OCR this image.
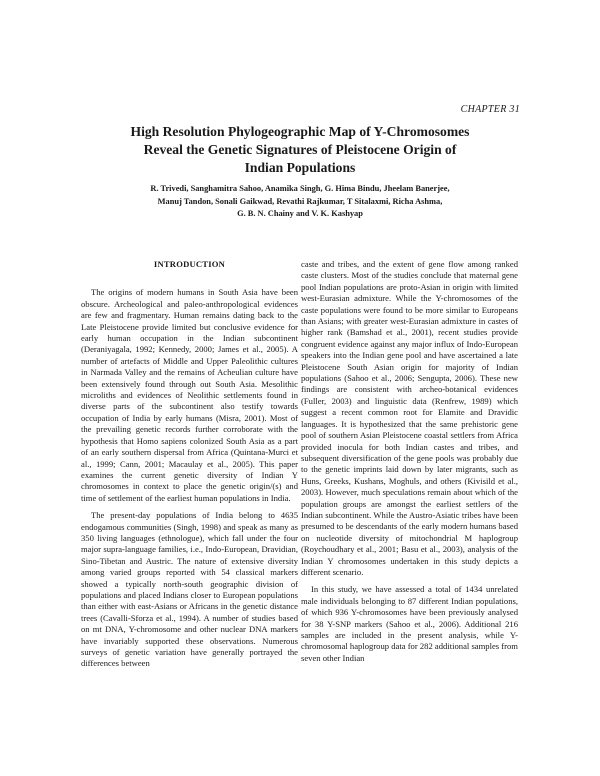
CHAPTER 31
High Resolution Phylogeographic Map of Y-Chromosomes
Reveal the Genetic Signatures of Pleistocene Origin of
Indian Populations
R. Trivedi, Sanghamitra Sahoo, Anamika Singh, G. Hima Bindu, Jheelam Banerjee,
Manuj Tandon, Sonali Gaikwad, Revathi Rajkumar, T Sitalaxmi, Richa Ashma,
G. B. N. Chainy and V. K. Kashyap
INTRODUCTION

The origins of modern humans in South Asia have been obscure. Archeological and paleo-anthropological evidences are few and fragmentary. Human remains dating back to the Late Pleistocene provide limited but conclusive evidence for early human occupation in the Indian subcontinent (Deraniyagala, 1992; Kennedy, 2000; James et al., 2005). A number of artefacts of Middle and Upper Paleolithic cultures in Narmada Valley and the remains of Acheulian culture have been extensively found through out South Asia. Mesolithic microliths and evidences of Neolithic settlements found in diverse parts of the subcontinent also testify towards occupation of India by early humans (Misra, 2001). Most of the prevailing genetic records further corroborate with the hypothesis that Homo sapiens colonized South Asia as a part of an early southern dispersal from Africa (Quintana-Murci et al., 1999; Cann, 2001; Macaulay et al., 2005). This paper examines the current genetic diversity of Indian Y chromosomes in context to place the genetic origin/(s) and time of settlement of the earliest human populations in India.

The present-day populations of India belong to 4635 endogamous communities (Singh, 1998) and speak as many as 350 living languages (ethnologue), which fall under the four major supra-language families, i.e., Indo-European, Dravidian, Sino-Tibetan and Austric. The nature of extensive diversity among varied groups reported with 54 classical markers showed a typically north-south geographic division of populations and placed Indians closer to European populations than either with east-Asians or Africans in the genetic distance trees (Cavalli-Sforza et al., 1994). A number of studies based on mt DNA, Y-chromosome and other nuclear DNA markers have invariably supported these observations. Numerous surveys of genetic variation have generally portrayed the differences between

caste and tribes, and the extent of gene flow among ranked caste clusters. Most of the studies conclude that maternal gene pool Indian populations are proto-Asian in origin with limited west-Eurasian admixture. While the Y-chromosomes of the caste populations were found to be more similar to Europeans than Asians; with greater west-Eurasian admixture in castes of higher rank (Bamshad et al., 2001), recent studies provide congruent evidence against any major influx of Indo-European speakers into the Indian gene pool and have ascertained a late Pleistocene South Asian origin for majority of Indian populations (Sahoo et al., 2006; Sengupta, 2006). These new findings are consistent with archeo-botanical evidences (Fuller, 2003) and linguistic data (Renfrew, 1989) which suggest a recent common root for Elamite and Dravidic languages. It is hypothesized that the same prehistoric gene pool of southern Asian Pleistocene coastal settlers from Africa provided inocula for both Indian castes and tribes, and subsequent diversification of the gene pools was probably due to the genetic imprints laid down by later migrants, such as Huns, Greeks, Kushans, Moghuls, and others (Kivisild et al., 2003). However, much speculations remain about which of the population groups are amongst the earliest settlers of the Indian subcontinent. While the Austro-Asiatic tribes have been presumed to be descendants of the early modern humans based on nucleotide diversity of mitochondrial M haplogroup (Roychoudhary et al., 2001; Basu et al., 2003), analysis of the Indian Y chromosomes undertaken in this study depicts a different scenario.

In this study, we have assessed a total of 1434 unrelated male individuals belonging to 87 different Indian populations, of which 936 Y-chromosomes have been previously analysed for 38 Y-SNP markers (Sahoo et al., 2006). Additional 216 samples are included in the present analysis, while Y-chromosomal haplogroup data for 282 additional samples from seven other Indian
